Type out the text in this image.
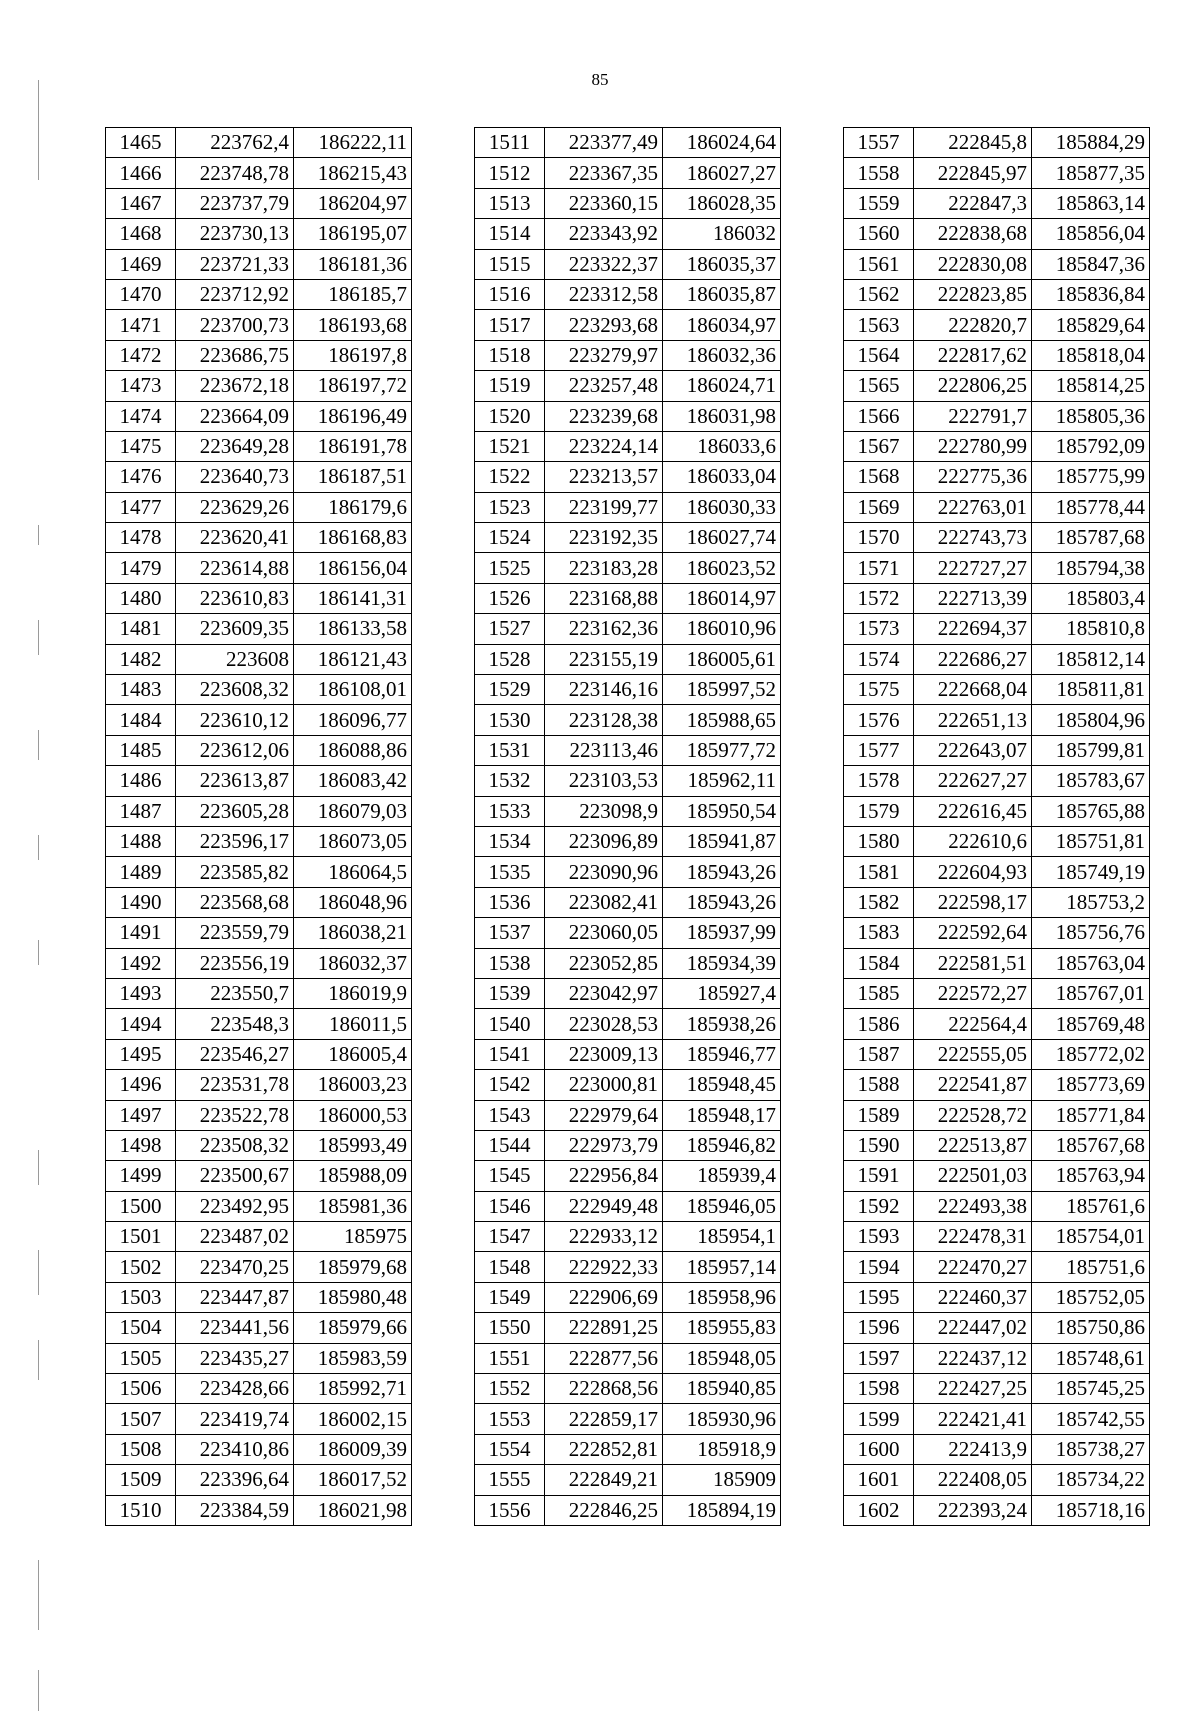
85
1465	223762,4	186222,11
1466	223748,78	186215,43
1467	223737,79	186204,97
1468	223730,13	186195,07
1469	223721,33	186181,36
1470	223712,92	186185,7
1471	223700,73	186193,68
1472	223686,75	186197,8
1473	223672,18	186197,72
1474	223664,09	186196,49
1475	223649,28	186191,78
1476	223640,73	186187,51
1477	223629,26	186179,6
1478	223620,41	186168,83
1479	223614,88	186156,04
1480	223610,83	186141,31
1481	223609,35	186133,58
1482	223608	186121,43
1483	223608,32	186108,01
1484	223610,12	186096,77
1485	223612,06	186088,86
1486	223613,87	186083,42
1487	223605,28	186079,03
1488	223596,17	186073,05
1489	223585,82	186064,5
1490	223568,68	186048,96
1491	223559,79	186038,21
1492	223556,19	186032,37
1493	223550,7	186019,9
1494	223548,3	186011,5
1495	223546,27	186005,4
1496	223531,78	186003,23
1497	223522,78	186000,53
1498	223508,32	185993,49
1499	223500,67	185988,09
1500	223492,95	185981,36
1501	223487,02	185975
1502	223470,25	185979,68
1503	223447,87	185980,48
1504	223441,56	185979,66
1505	223435,27	185983,59
1506	223428,66	185992,71
1507	223419,74	186002,15
1508	223410,86	186009,39
1509	223396,64	186017,52
1510	223384,59	186021,98
1511	223377,49	186024,64
1512	223367,35	186027,27
1513	223360,15	186028,35
1514	223343,92	186032
1515	223322,37	186035,37
1516	223312,58	186035,87
1517	223293,68	186034,97
1518	223279,97	186032,36
1519	223257,48	186024,71
1520	223239,68	186031,98
1521	223224,14	186033,6
1522	223213,57	186033,04
1523	223199,77	186030,33
1524	223192,35	186027,74
1525	223183,28	186023,52
1526	223168,88	186014,97
1527	223162,36	186010,96
1528	223155,19	186005,61
1529	223146,16	185997,52
1530	223128,38	185988,65
1531	223113,46	185977,72
1532	223103,53	185962,11
1533	223098,9	185950,54
1534	223096,89	185941,87
1535	223090,96	185943,26
1536	223082,41	185943,26
1537	223060,05	185937,99
1538	223052,85	185934,39
1539	223042,97	185927,4
1540	223028,53	185938,26
1541	223009,13	185946,77
1542	223000,81	185948,45
1543	222979,64	185948,17
1544	222973,79	185946,82
1545	222956,84	185939,4
1546	222949,48	185946,05
1547	222933,12	185954,1
1548	222922,33	185957,14
1549	222906,69	185958,96
1550	222891,25	185955,83
1551	222877,56	185948,05
1552	222868,56	185940,85
1553	222859,17	185930,96
1554	222852,81	185918,9
1555	222849,21	185909
1556	222846,25	185894,19
1557	222845,8	185884,29
1558	222845,97	185877,35
1559	222847,3	185863,14
1560	222838,68	185856,04
1561	222830,08	185847,36
1562	222823,85	185836,84
1563	222820,7	185829,64
1564	222817,62	185818,04
1565	222806,25	185814,25
1566	222791,7	185805,36
1567	222780,99	185792,09
1568	222775,36	185775,99
1569	222763,01	185778,44
1570	222743,73	185787,68
1571	222727,27	185794,38
1572	222713,39	185803,4
1573	222694,37	185810,8
1574	222686,27	185812,14
1575	222668,04	185811,81
1576	222651,13	185804,96
1577	222643,07	185799,81
1578	222627,27	185783,67
1579	222616,45	185765,88
1580	222610,6	185751,81
1581	222604,93	185749,19
1582	222598,17	185753,2
1583	222592,64	185756,76
1584	222581,51	185763,04
1585	222572,27	185767,01
1586	222564,4	185769,48
1587	222555,05	185772,02
1588	222541,87	185773,69
1589	222528,72	185771,84
1590	222513,87	185767,68
1591	222501,03	185763,94
1592	222493,38	185761,6
1593	222478,31	185754,01
1594	222470,27	185751,6
1595	222460,37	185752,05
1596	222447,02	185750,86
1597	222437,12	185748,61
1598	222427,25	185745,25
1599	222421,41	185742,55
1600	222413,9	185738,27
1601	222408,05	185734,22
1602	222393,24	185718,16
